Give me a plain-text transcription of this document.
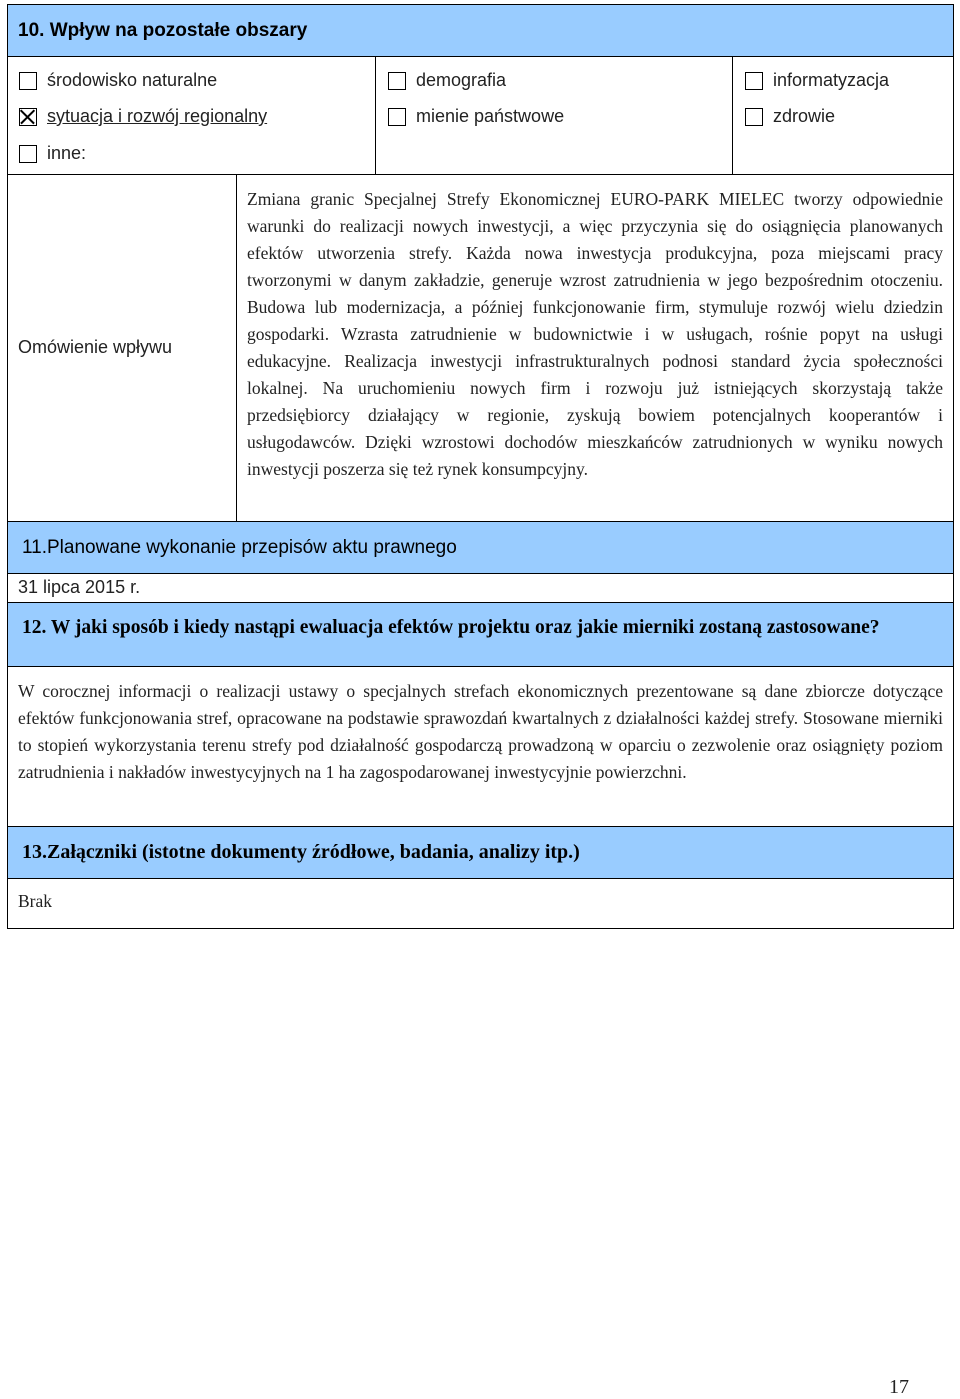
10. Wpływ na pozostałe obszary
środowisko naturalne
sytuacja i rozwój regionalny
inne:
demografia
mienie państwowe
informatyzacja
zdrowie
Omówienie wpływu
Zmiana granic Specjalnej Strefy Ekonomicznej EURO-PARK MIELEC tworzy odpowiednie warunki do realizacji nowych inwestycji, a więc przyczynia się do osiągnięcia planowanych efektów utworzenia strefy. Każda nowa inwestycja produkcyjna, poza miejscami pracy tworzonymi w danym zakładzie, generuje wzrost zatrudnienia w jego bezpośrednim otoczeniu. Budowa lub modernizacja, a później funkcjonowanie firm, stymuluje rozwój wielu dziedzin gospodarki. Wzrasta zatrudnienie w budownictwie i w usługach, rośnie popyt na usługi edukacyjne. Realizacja inwestycji infrastrukturalnych podnosi standard życia społeczności lokalnej. Na uruchomieniu nowych firm i rozwoju już istniejących skorzystają także przedsiębiorcy działający w regionie, zyskują bowiem potencjalnych kooperantów i usługodawców. Dzięki wzrostowi dochodów mieszkańców zatrudnionych w wyniku nowych inwestycji poszerza się też rynek konsumpcyjny.
11.Planowane wykonanie przepisów aktu prawnego
31 lipca 2015 r.
12. W jaki sposób i kiedy nastąpi ewaluacja efektów projektu oraz jakie mierniki zostaną zastosowane?
W corocznej informacji o realizacji ustawy o specjalnych strefach ekonomicznych prezentowane są dane zbiorcze dotyczące efektów funkcjonowania stref, opracowane na podstawie sprawozdań kwartalnych z działalności każdej strefy. Stosowane mierniki to stopień wykorzystania terenu strefy pod działalność gospodarczą prowadzoną w oparciu o zezwolenie oraz osiągnięty poziom zatrudnienia i nakładów inwestycyjnych na 1 ha zagospodarowanej inwestycyjnie powierzchni.
13.Załączniki (istotne dokumenty źródłowe, badania, analizy itp.)
Brak
17
